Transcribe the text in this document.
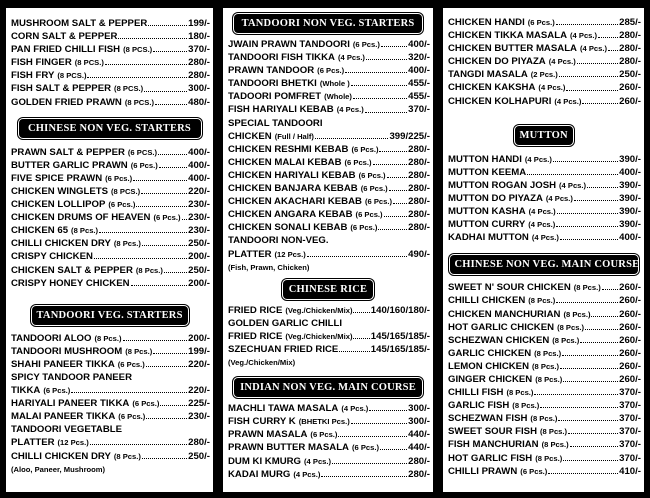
MUSHROOM SALT & PEPPER	199/-
CORN SALT & PEPPER	180/-
PAN FRIED CHILLI FISH (8 PCS.)	370/-
FISH FINGER (8 PCS.)	280/-
FISH FRY (8 PCS.)	280/-
FISH SALT & PEPPER (8 PCS.)	300/-
GOLDEN FRIED PRAWN (8 PCS.)	480/-
CHINESE NON VEG. STARTERS
PRAWN SALT & PEPPER (6 PCS.)	400/-
BUTTER GARLIC PRAWN (6 Pcs.)	400/-
FIVE SPICE PRAWN (6 Pcs.)	400/-
CHICKEN WINGLETS (8 PCS.)	220/-
CHICKEN LOLLIPOP (6 Pcs.)	230/-
CHICKEN DRUMS OF HEAVEN (6 Pcs.) 230/-
CHICKEN 65 (8 Pcs.)	230/-
CHILLI CHICKEN DRY (8 Pcs.)	250/-
CRISPY CHICKEN	200/-
CHICKEN SALT & PEPPER (8 Pcs.)	250/-
CRISPY HONEY CHICKEN	200/-
TANDOORI VEG. STARTERS
TANDOORI ALOO (8 Pcs.)	200/-
TANDOORI MUSHROOM (8 Pcs.)	199/-
SHAHI PANEER TIKKA (6 Pcs.)	220/-
SPICY TANDOOR PANEER
TIKKA (6 Pcs.)	220/-
HARIYALI PANEER TIKKA (6 Pcs.)	225/-
MALAI PANEER TIKKA (6 Pcs.)	230/-
TANDOORI VEGETABLE
PLATTER (12 Pcs.)	280/-
CHILLI CHICKEN DRY (8 Pcs.)	250/-
(Aloo, Paneer, Mushroom)
TANDOORI NON VEG. STARTERS
JWAIN PRAWN TANDOORI (6 Pcs.)	400/-
TANDOORI FISH TIKKA (4 Pcs.)	320/-
PRAWN TANDOOR (6 Pcs.)	400/-
TANDOORI BHETKI (Whole )	455/-
TADOORI POMFRET (Whole)	455/-
FISH HARIYALI KEBAB (4 Pcs.)	370/-
SPECIAL TANDOORI
CHICKEN (Full / Half)	399/225/-
CHICKEN RESHMI KEBAB (6 Pcs.)	280/-
CHICKEN MALAI KEBAB (6 Pcs.)	280/-
CHICKEN HARIYALI KEBAB (6 Pcs.) 280/-
CHICKEN BANJARA KEBAB (6 Pcs.) 280/-
CHICKEN AKACHARI KEBAB (6 Pcs.) 280/-
CHICKEN ANGARA KEBAB (6 Pcs.)	280/-
CHICKEN SONALI KEBAB (6 Pcs.)	280/-
TANDOORI NON-VEG.
PLATTER (12 Pcs.)	490/-
(Fish, Prawn, Chicken)
CHINESE RICE
FRIED RICE (Veg./Chicken/Mix) 140/160/180/-
GOLDEN GARLIC CHILLI
FRIED RICE (Veg./Chicken/Mix) 145/165/185/-
SZECHUAN FRIED RICE	145/165/185/-
(Veg./Chicken/Mix)
INDIAN NON VEG. MAIN COURSE
MACHLI TAWA MASALA (4 Pcs.)	300/-
FISH CURRY K (BHETKI Pcs.)	300/-
PRAWN MASALA (6 Pcs.)	440/-
PRAWN BUTTER MASALA (6 Pcs.)	440/-
DUM KI KMURG (4 Pcs.)	280/-
KADAI MURG (4 Pcs.)	280/-
CHICKEN HANDI (6 Pcs.)	285/-
CHICKEN TIKKA MASALA (4 Pcs.) 280/-
CHICKEN BUTTER MASALA (4 Pcs.) 280/-
CHICKEN DO PIYAZA (4 Pcs.)	280/-
TANGDI MASALA (2 Pcs.)	250/-
CHICKEN KAKSHA (4 Pcs.)	260/-
CHICKEN KOLHAPURI (4 Pcs.)	260/-
MUTTON
MUTTON HANDI (4 Pcs.)	390/-
MUTTON KEEMA	400/-
MUTTON ROGAN JOSH (4 Pcs.)	390/-
MUTTON DO PIYAZA (4 Pcs.)	390/-
MUTTON KASHA (4 Pcs.)	390/-
MUTTON CURRY (4 Pcs.)	390/-
KADHAI MUTTON (4 Pcs.)	400/-
CHINESE NON VEG. MAIN COURSE
SWEET N' SOUR CHICKEN (8 Pcs.) 260/-
CHILLI CHICKEN (8 Pcs.)	260/-
CHICKEN MANCHURIAN (8 Pcs.)	260/-
HOT GARLIC CHICKEN (8 Pcs.)	260/-
SCHEZWAN CHICKEN (8 Pcs.)	260/-
GARLIC CHICKEN (8 Pcs.)	260/-
LEMON CHICKEN (8 Pcs.)	260/-
GINGER CHICKEN (8 Pcs.)	260/-
CHILLI FISH (8 Pcs.)	370/-
GARLIC FISH (8 Pcs.)	370/-
SCHEZWAN FISH (8 Pcs.)	370/-
SWEET SOUR FISH (8 Pcs.)	370/-
FISH MANCHURIAN (8 Pcs.)	370/-
HOT GARLIC FISH (8 Pcs.)	370/-
CHILLI PRAWN (6 Pcs.)	410/-
